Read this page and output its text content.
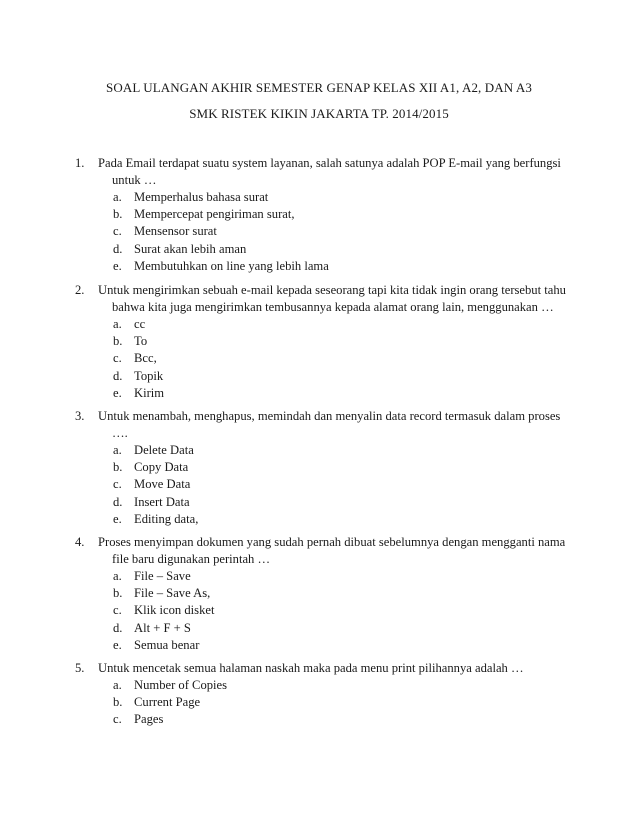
SOAL ULANGAN AKHIR SEMESTER GENAP KELAS XII A1, A2, DAN A3
SMK RISTEK KIKIN JAKARTA TP. 2014/2015
1. Pada Email terdapat suatu system layanan, salah satunya adalah POP E-mail yang berfungsi
untuk …
a. Memperhalus bahasa surat
b. Mempercepat pengiriman surat,
c. Mensensor surat
d. Surat akan lebih aman
e. Membutuhkan on line yang lebih lama
2. Untuk mengirimkan sebuah e-mail kepada seseorang tapi kita tidak ingin orang tersebut tahu
bahwa kita juga mengirimkan tembusannya kepada alamat orang lain, menggunakan …
a. cc
b. To
c. Bcc,
d. Topik
e. Kirim
3. Untuk menambah, menghapus, memindah dan menyalin data record termasuk dalam proses
….
a. Delete Data
b. Copy Data
c. Move Data
d. Insert Data
e. Editing data,
4. Proses menyimpan dokumen yang sudah pernah dibuat sebelumnya dengan mengganti nama
file baru digunakan perintah …
a. File – Save
b. File – Save As,
c. Klik icon disket
d. Alt + F + S
e. Semua benar
5. Untuk mencetak semua halaman naskah maka pada menu print pilihannya adalah …
a. Number of Copies
b. Current Page
c. Pages
